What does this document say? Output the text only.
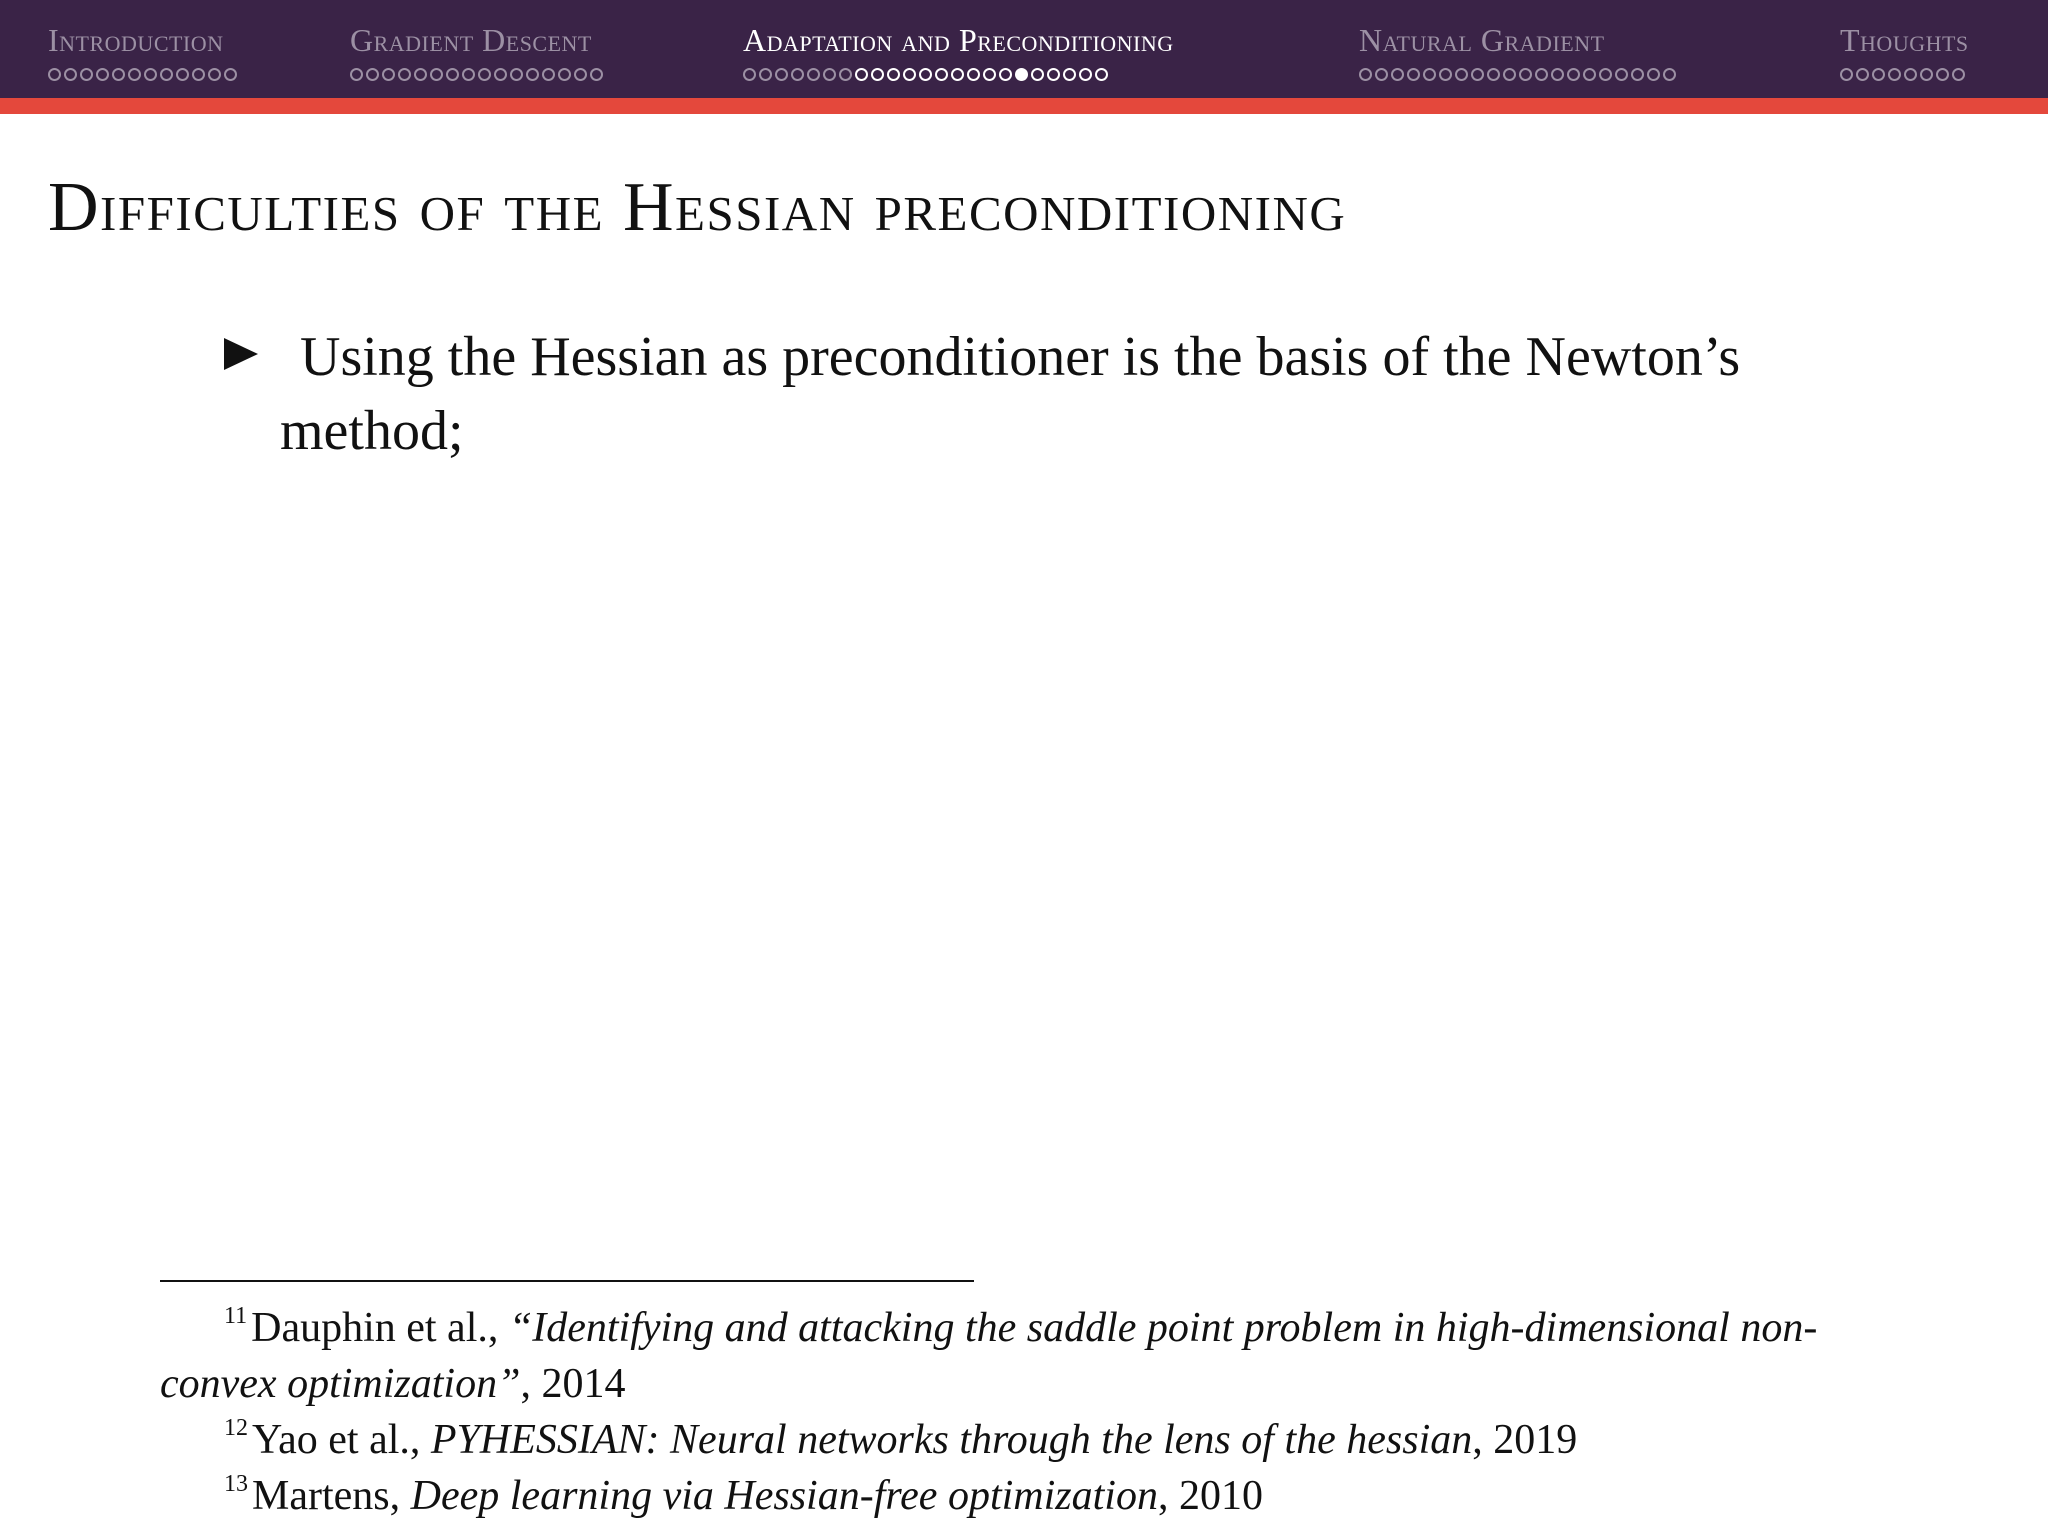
Introduction	Gradient Descent	Adaptation and Preconditioning	Natural Gradient	Thoughts
Difficulties of the Hessian preconditioning
Using the Hessian as preconditioner is the basis of the Newton’s method;
$^{11}$Dauphin et al., “Identifying and attacking the saddle point problem in high-dimensional non-convex optimization”, 2014
$^{12}$Yao et al., PYHESSIAN: Neural networks through the lens of the hessian, 2019
$^{13}$Martens, Deep learning via Hessian-free optimization, 2010
